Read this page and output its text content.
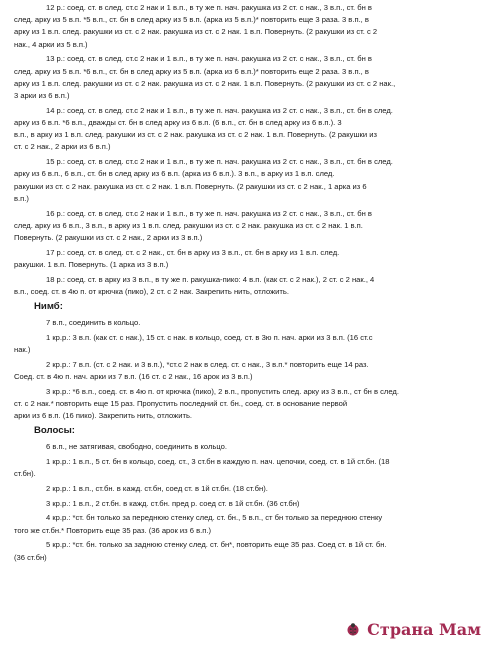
12 р.: соед. ст. в след. ст.с 2 нак и 1 в.п., в ту же п. нач. ракушка из 2 ст. с нак., 3 в.п., ст. бн в
след. арку из 5 в.п. *5 в.п., ст. бн в след арку из 5 в.п. (арка из 5 в.п.)* повторить еще 3 раза. 3 в.п., в
арку из 1 в.п. след. ракушки из ст. с 2 нак. ракушка из ст. с 2 нак. 1 в.п. Повернуть. (2 ракушки из ст. с 2
нак., 4 арки из 5 в.п.)
13 р.: соед. ст. в след. ст.с 2 нак и 1 в.п., в ту же п. нач. ракушка из 2 ст. с нак., 3 в.п., ст. бн в
след. арку из 5 в.п. *6 в.п., ст. бн в след арку из 5 в.п. (арка из 6 в.п.)* повторить еще 2 раза. 3 в.п., в
арку из 1 в.п. след. ракушки из ст. с 2 нак. ракушка из ст. с 2 нак. 1 в.п. Повернуть. (2 ракушки из ст. с 2 нак.,
3 арки из 6 в.п.)
14 р.: соед. ст. в след. ст.с 2 нак и 1 в.п., в ту же п. нач. ракушка из 2 ст. с нак., 3 в.п., ст. бн в след.
арку из 6 в.п. *6 в.п., дважды ст. бн в след арку из 6 в.п. (6 в.п., ст. бн в след арку из 6 в.п.). 3
в.п., в арку из 1 в.п. след. ракушки из ст. с 2 нак. ракушка из ст. с 2 нак. 1 в.п. Повернуть. (2 ракушки из
ст. с 2 нак., 2 арки из 6 в.п.)
15 р.: соед. ст. в след. ст.с 2 нак и 1 в.п., в ту же п. нач. ракушка из 2 ст. с нак., 3 в.п., ст. бн в след.
арку из 6 в.п., 6 в.п., ст. бн в след арку из 6 в.п. (арка из 6 в.п.). 3 в.п., в арку из 1 в.п. след.
ракушки из ст. с 2 нак. ракушка из ст. с 2 нак. 1 в.п. Повернуть. (2 ракушки из ст. с 2 нак., 1 арка из 6
в.п.)
16 р.: соед. ст. в след. ст.с 2 нак и 1 в.п., в ту же п. нач. ракушка из 2 ст. с нак., 3 в.п., ст. бн в
след. арку из 6 в.п., 3 в.п., в арку из 1 в.п. след. ракушки из ст. с 2 нак. ракушка из ст. с 2 нак. 1 в.п.
Повернуть. (2 ракушки из ст. с 2 нак., 2 арки из 3 в.п.)
17 р.: соед. ст. в след. ст. с 2 нак., ст. бн в арку из 3 в.п., ст. бн в арку из 1 в.п. след.
ракушки. 1 в.п. Повернуть. (1 арка из 3 в.п.)
18 р.: соед. ст. в арку из 3 в.п., в ту же п. ракушка-пико: 4 в.п. (как ст. с 2 нак.), 2 ст. с 2 нак., 4
в.п., соед. ст. в 4ю п. от крючка (пико), 2 ст. с 2 нак. Закрепить нить, отложить.
Нимб:
7 в.п., соединить в кольцо.
1 кр.р.: 3 в.п. (как ст. с нак.), 15 ст. с нак. в кольцо, соед. ст. в 3ю п. нач. арки из 3 в.п. (16 ст.с
нак.)
2 кр.р.: 7 в.п. (ст. с 2 нак. и 3 в.п.), *ст.с 2 нак в след. ст. с нак., 3 в.п.* повторить еще 14 раз.
Соед. ст. в 4ю п. нач. арки из 7 в.п. (16 ст. с 2 нак., 16 арок из 3 в.п.)
3 кр.р.: *6 в.п., соед. ст. в 4ю п. от крючка (пико), 2 в.п., пропустить след. арку из 3 в.п., ст бн в след.
ст. с 2 нак.* повторить еще 15 раз. Пропустить последний ст. бн., соед. ст. в основание первой
арки из 6 в.п. (16 пико). Закрепить нить, отложить.
Волосы:
6 в.п., не затягивая, свободно, соединить в кольцо.
1 кр.р.: 1 в.п., 5 ст. бн в кольцо, соед. ст., 3 ст.бн в каждую п. нач. цепочки, соед. ст. в 1й ст.бн. (18
ст.бн).
2 кр.р.: 1 в.п., ст.бн. в кажд. ст.бн, соед ст. в 1й ст.бн. (18 ст.бн).
3 кр.р.: 1 в.п., 2 ст.бн. в кажд. ст.бн. пред р. соед ст. в 1й ст.бн. (36 ст.бн)
4 кр.р.: *ст. бн только за переднюю стенку след. ст. бн., 5 в.п., ст бн только за переднюю стенку
того же ст.бн.* Повторить еще 35 раз. (36 арок из 6 в.п.)
5 кр.р.: *ст. бн. только за заднюю стенку след. ст. бн*, повторить еще 35 раз. Соед ст. в 1й ст. бн.
(36 ст.бн)
Страна Мам
